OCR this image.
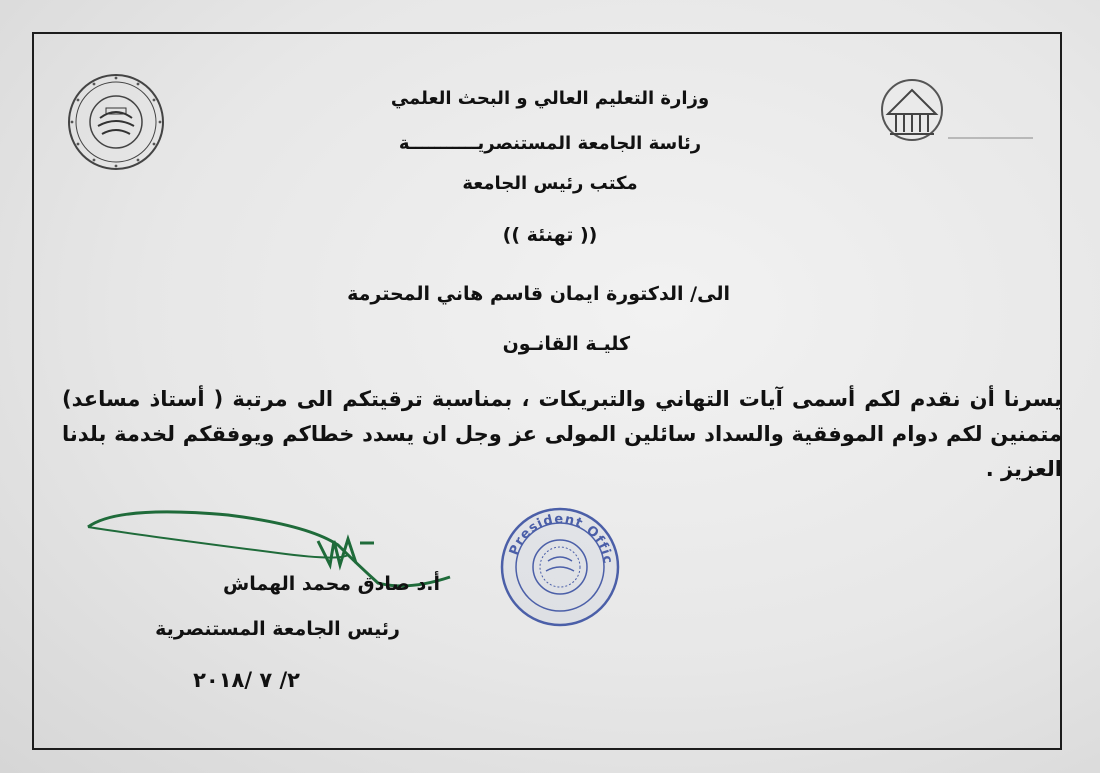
وزارة التعليم العالي و البحث العلمي
رئاسة الجامعة المستنصريـــــــــــة
مكتب رئيس الجامعة
(( تهنئة ))
الى/ الدكتورة ايمان قاسم هاني المحترمة
كليـة القانـون
يسرنا أن نقدم لكم أسمى آيات التهاني والتبريكات ، بمناسبة ترقيتكم الى مرتبة ( أستاذ مساعد) متمنين لكم دوام الموفقية والسداد سائلين المولى عز وجل ان يسدد خطاكم ويوفقكم لخدمة بلدنا العزيز .
President Offic
أ.د صادق محمد الهماش
رئيس الجامعة المستنصرية
٢/ ٧ /٢٠١٨
